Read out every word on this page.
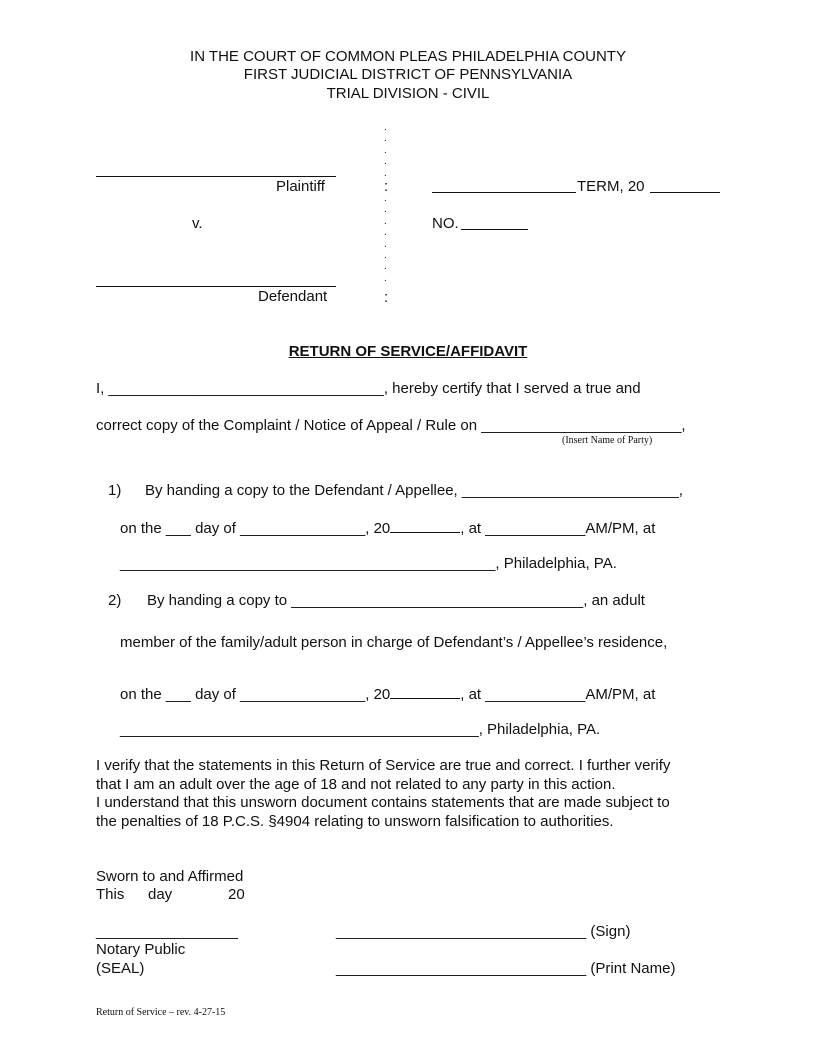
IN THE COURT OF COMMON PLEAS PHILADELPHIA COUNTY
FIRST JUDICIAL DISTRICT OF PENNSYLVANIA
TRIAL DIVISION - CIVIL
.
.
.
.
.
:
.
.
.
.
.
.
.
.
:
Plaintiff
v.
Defendant
TERM, 20
NO.
RETURN OF SERVICE/AFFIDAVIT
I, _________________________________, hereby certify that I served a true and
correct copy of the Complaint / Notice of Appeal / Rule on ________________________,
(Insert Name of Party)
1) By handing a copy to the Defendant / Appellee, __________________________,
on the ___ day of _______________, 20	, at ____________AM/PM, at
_____________________________________________, Philadelphia, PA.
2) By handing a copy to ___________________________________, an adult
member of the family/adult person in charge of Defendant’s / Appellee’s residence,
on the ___ day of _______________, 20	, at ____________AM/PM, at
___________________________________________, Philadelphia, PA.
I verify that the statements in this Return of Service are true and correct. I further verify
that I am an adult over the age of 18 and not related to any party in this action.
I understand that this unsworn document contains statements that are made subject to
the penalties of 18 P.C.S. §4904 relating to unsworn falsification to authorities.
Sworn to and Affirmed
This day	20
_________________
Notary Public
(SEAL)
______________________________ (Sign)
______________________________ (Print Name)
Return of Service – rev. 4-27-15
